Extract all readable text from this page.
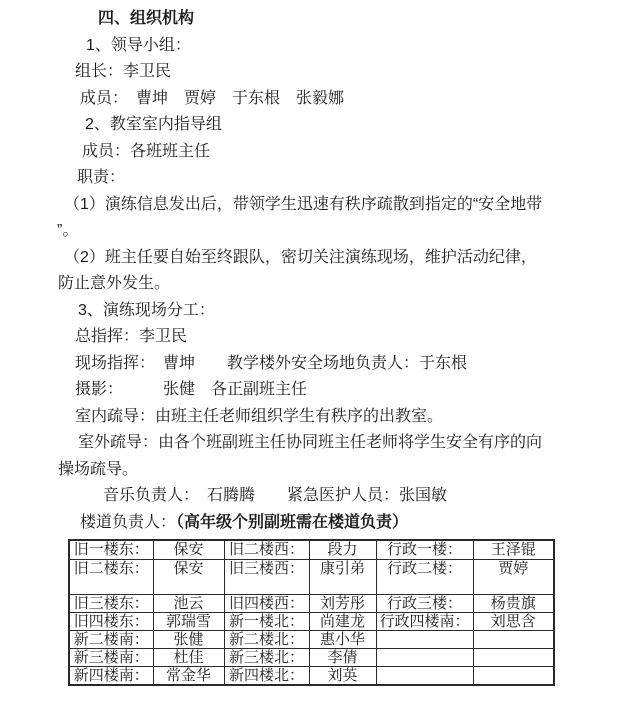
四、组织机构
1、领导小组：
组长：李卫民
成员：　曹坤　贾婷　于东根　张毅娜
2、教室室内指导组
成员：各班班主任
职责：
（1）演练信息发出后，带领学生迅速有秩序疏散到指定的“安全地带
”。
（2）班主任要自始至终跟队，密切关注演练现场，维护活动纪律，
防止意外发生。
3、演练现场分工：
总指挥：李卫民
现场指挥：　曹坤　　教学楼外安全场地负责人：于东根
摄影：　　　张健　各正副班主任
室内疏导：由班主任老师组织学生有秩序的出教室。
室外疏导：由各个班副班主任协同班主任老师将学生安全有序的向
操场疏导。
音乐负责人：　石腾腾　　紧急医护人员：张国敏
楼道负责人：（高年级个别副班需在楼道负责）
旧一楼东：	保安	旧二楼西：	段力	行政一楼：	王泽锟
旧二楼东：	保安	旧三楼西：	康引弟	行政二楼：	贾婷
旧三楼东：	池云	旧四楼西：	刘芳彤	行政三楼：	杨贵旗
旧四楼东：	郭瑞雪	新一楼北：	尚建龙	行政四楼南：	刘思含
新二楼南：	张健	新二楼北：	惠小华		
新三楼南：	杜佳	新三楼北：	李倩		
新四楼南：	常金华	新四楼北：	刘英		
